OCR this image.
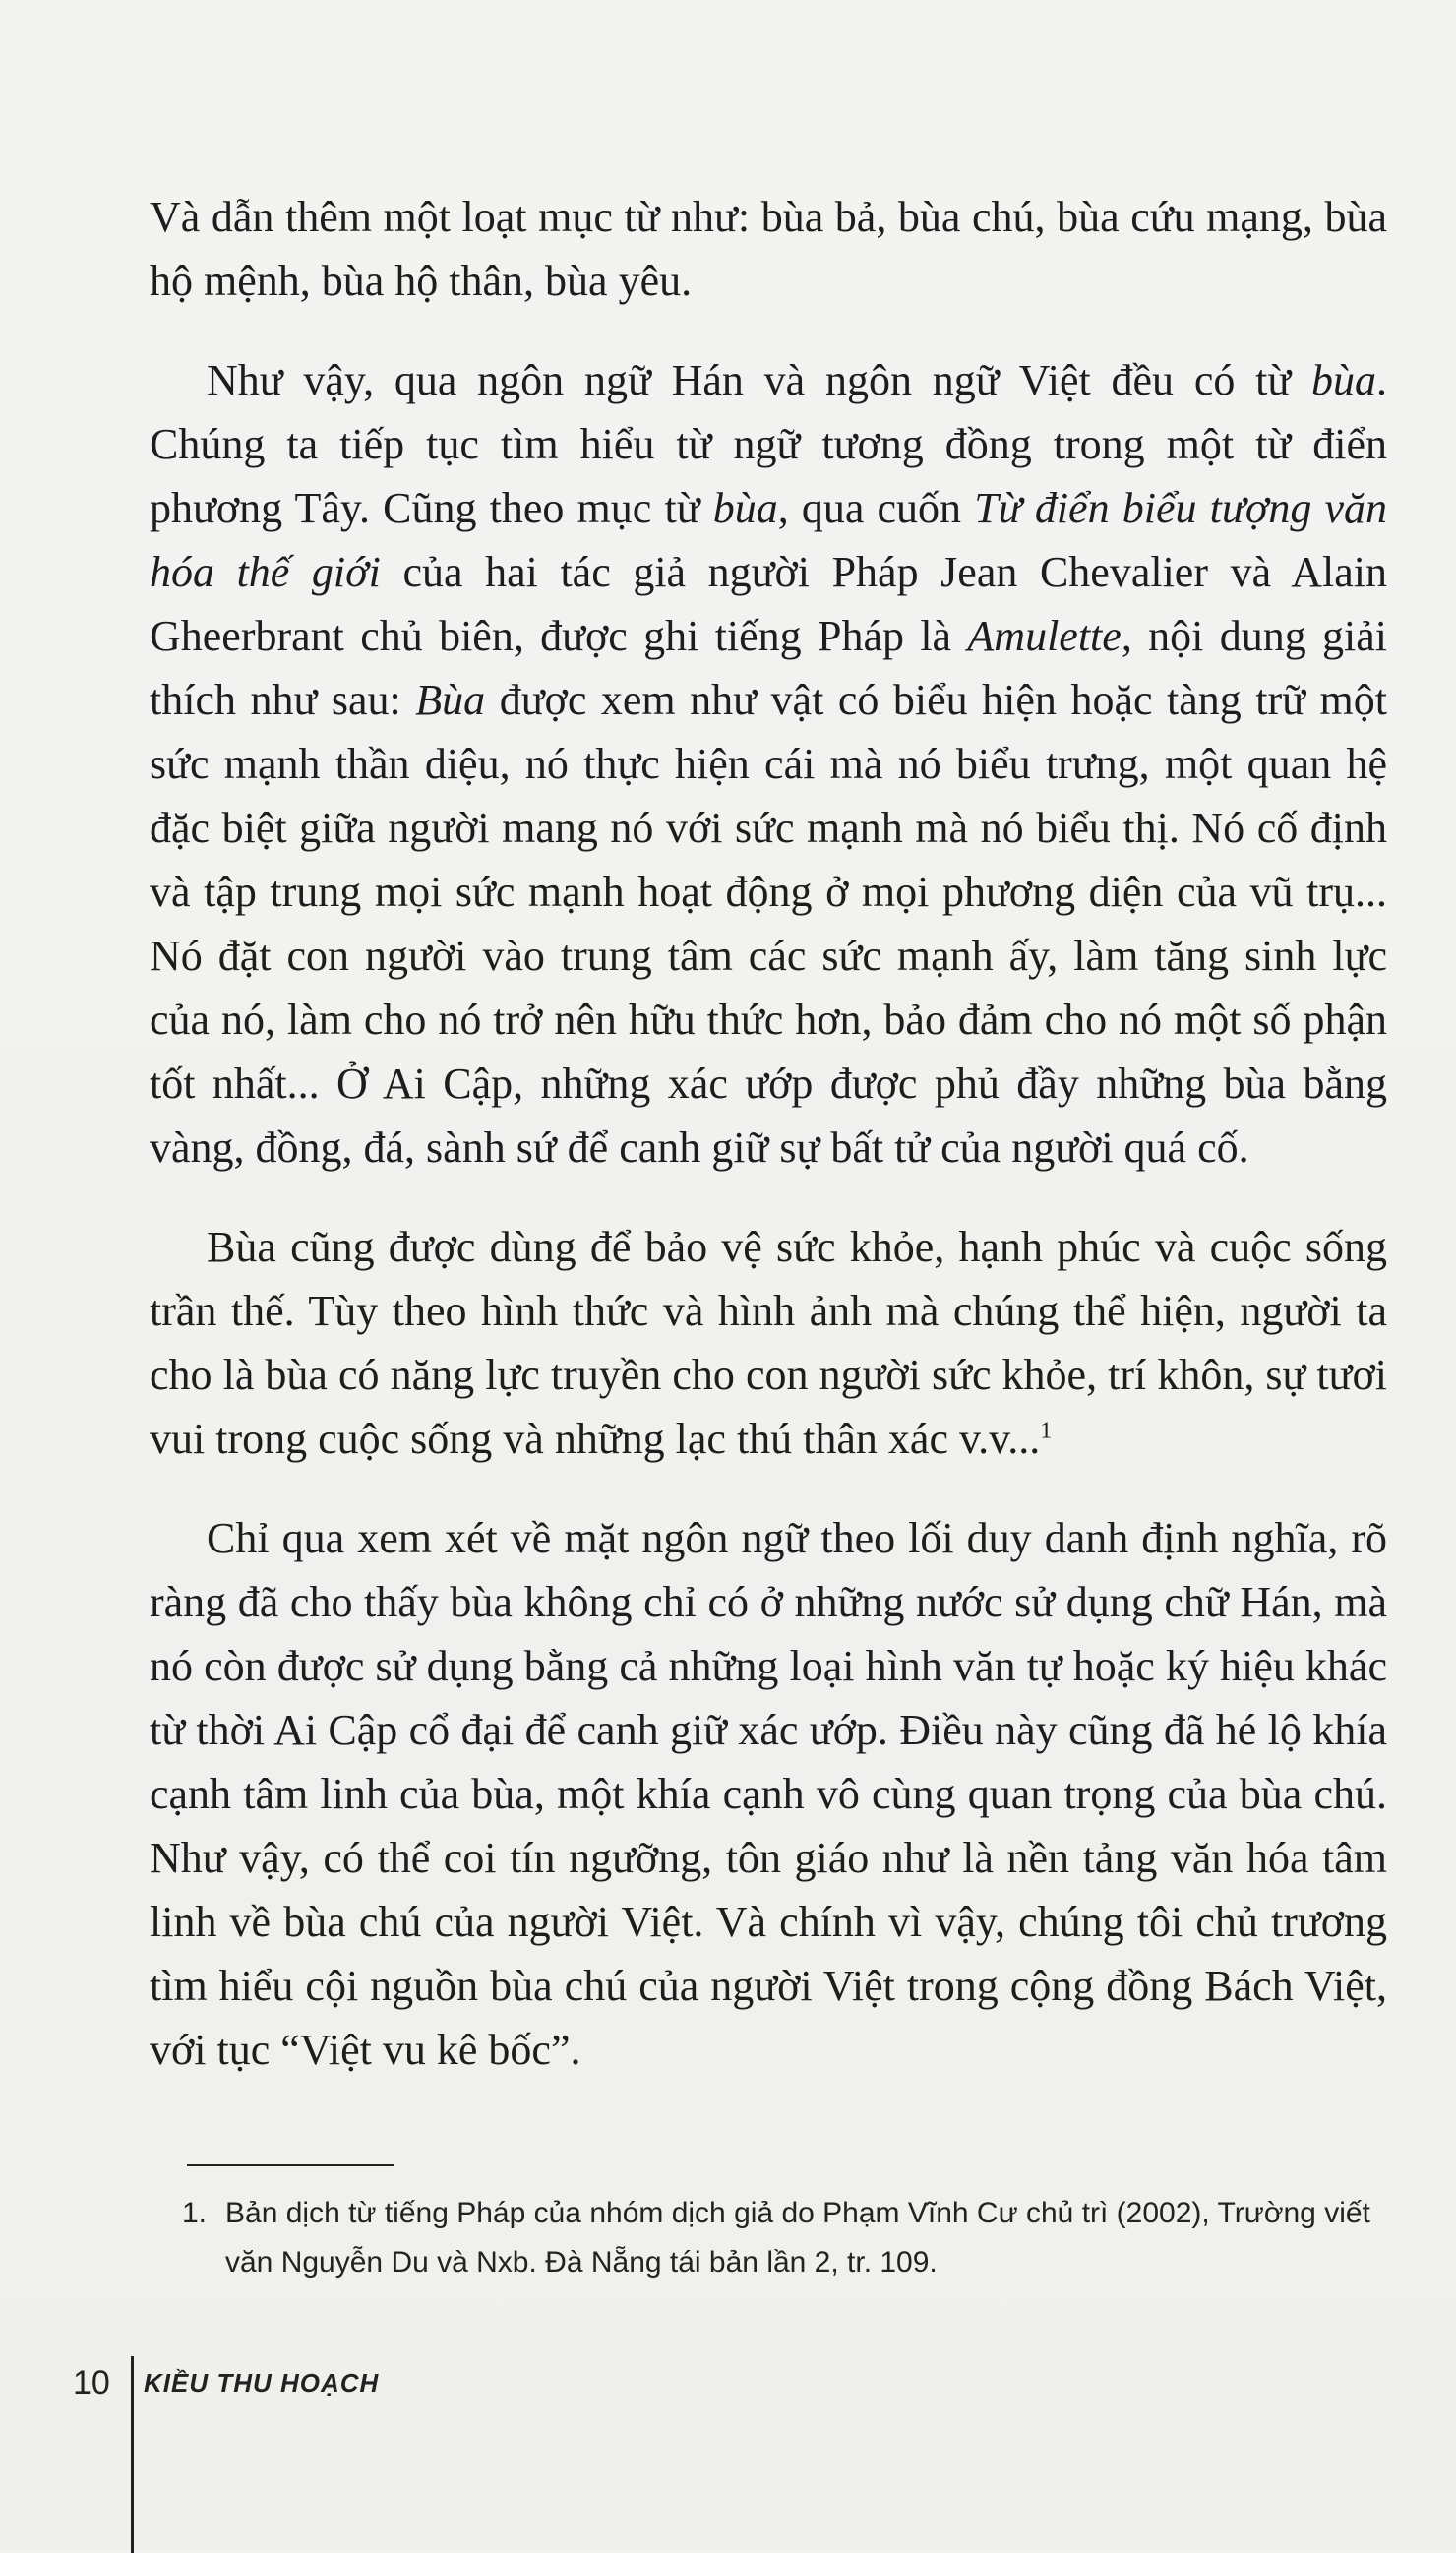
Và dẫn thêm một loạt mục từ như: bùa bả, bùa chú, bùa cứu mạng, bùa hộ mệnh, bùa hộ thân, bùa yêu.

Như vậy, qua ngôn ngữ Hán và ngôn ngữ Việt đều có từ bùa. Chúng ta tiếp tục tìm hiểu từ ngữ tương đồng trong một từ điển phương Tây. Cũng theo mục từ bùa, qua cuốn Từ điển biểu tượng văn hóa thế giới của hai tác giả người Pháp Jean Chevalier và Alain Gheerbrant chủ biên, được ghi tiếng Pháp là Amulette, nội dung giải thích như sau: Bùa được xem như vật có biểu hiện hoặc tàng trữ một sức mạnh thần diệu, nó thực hiện cái mà nó biểu trưng, một quan hệ đặc biệt giữa người mang nó với sức mạnh mà nó biểu thị. Nó cố định và tập trung mọi sức mạnh hoạt động ở mọi phương diện của vũ trụ... Nó đặt con người vào trung tâm các sức mạnh ấy, làm tăng sinh lực của nó, làm cho nó trở nên hữu thức hơn, bảo đảm cho nó một số phận tốt nhất... Ở Ai Cập, những xác ướp được phủ đầy những bùa bằng vàng, đồng, đá, sành sứ để canh giữ sự bất tử của người quá cố.

Bùa cũng được dùng để bảo vệ sức khỏe, hạnh phúc và cuộc sống trần thế. Tùy theo hình thức và hình ảnh mà chúng thể hiện, người ta cho là bùa có năng lực truyền cho con người sức khỏe, trí khôn, sự tươi vui trong cuộc sống và những lạc thú thân xác v.v...$^1$

Chỉ qua xem xét về mặt ngôn ngữ theo lối duy danh định nghĩa, rõ ràng đã cho thấy bùa không chỉ có ở những nước sử dụng chữ Hán, mà nó còn được sử dụng bằng cả những loại hình văn tự hoặc ký hiệu khác từ thời Ai Cập cổ đại để canh giữ xác ướp. Điều này cũng đã hé lộ khía cạnh tâm linh của bùa, một khía cạnh vô cùng quan trọng của bùa chú. Như vậy, có thể coi tín ngưỡng, tôn giáo như là nền tảng văn hóa tâm linh về bùa chú của người Việt. Và chính vì vậy, chúng tôi chủ trương tìm hiểu cội nguồn bùa chú của người Việt trong cộng đồng Bách Việt, với tục “Việt vu kê bốc”.

1. Bản dịch từ tiếng Pháp của nhóm dịch giả do Phạm Vĩnh Cư chủ trì (2002), Trường viết văn Nguyễn Du và Nxb. Đà Nẵng tái bản lần 2, tr. 109.
10 KIỀU THU HOẠCH
